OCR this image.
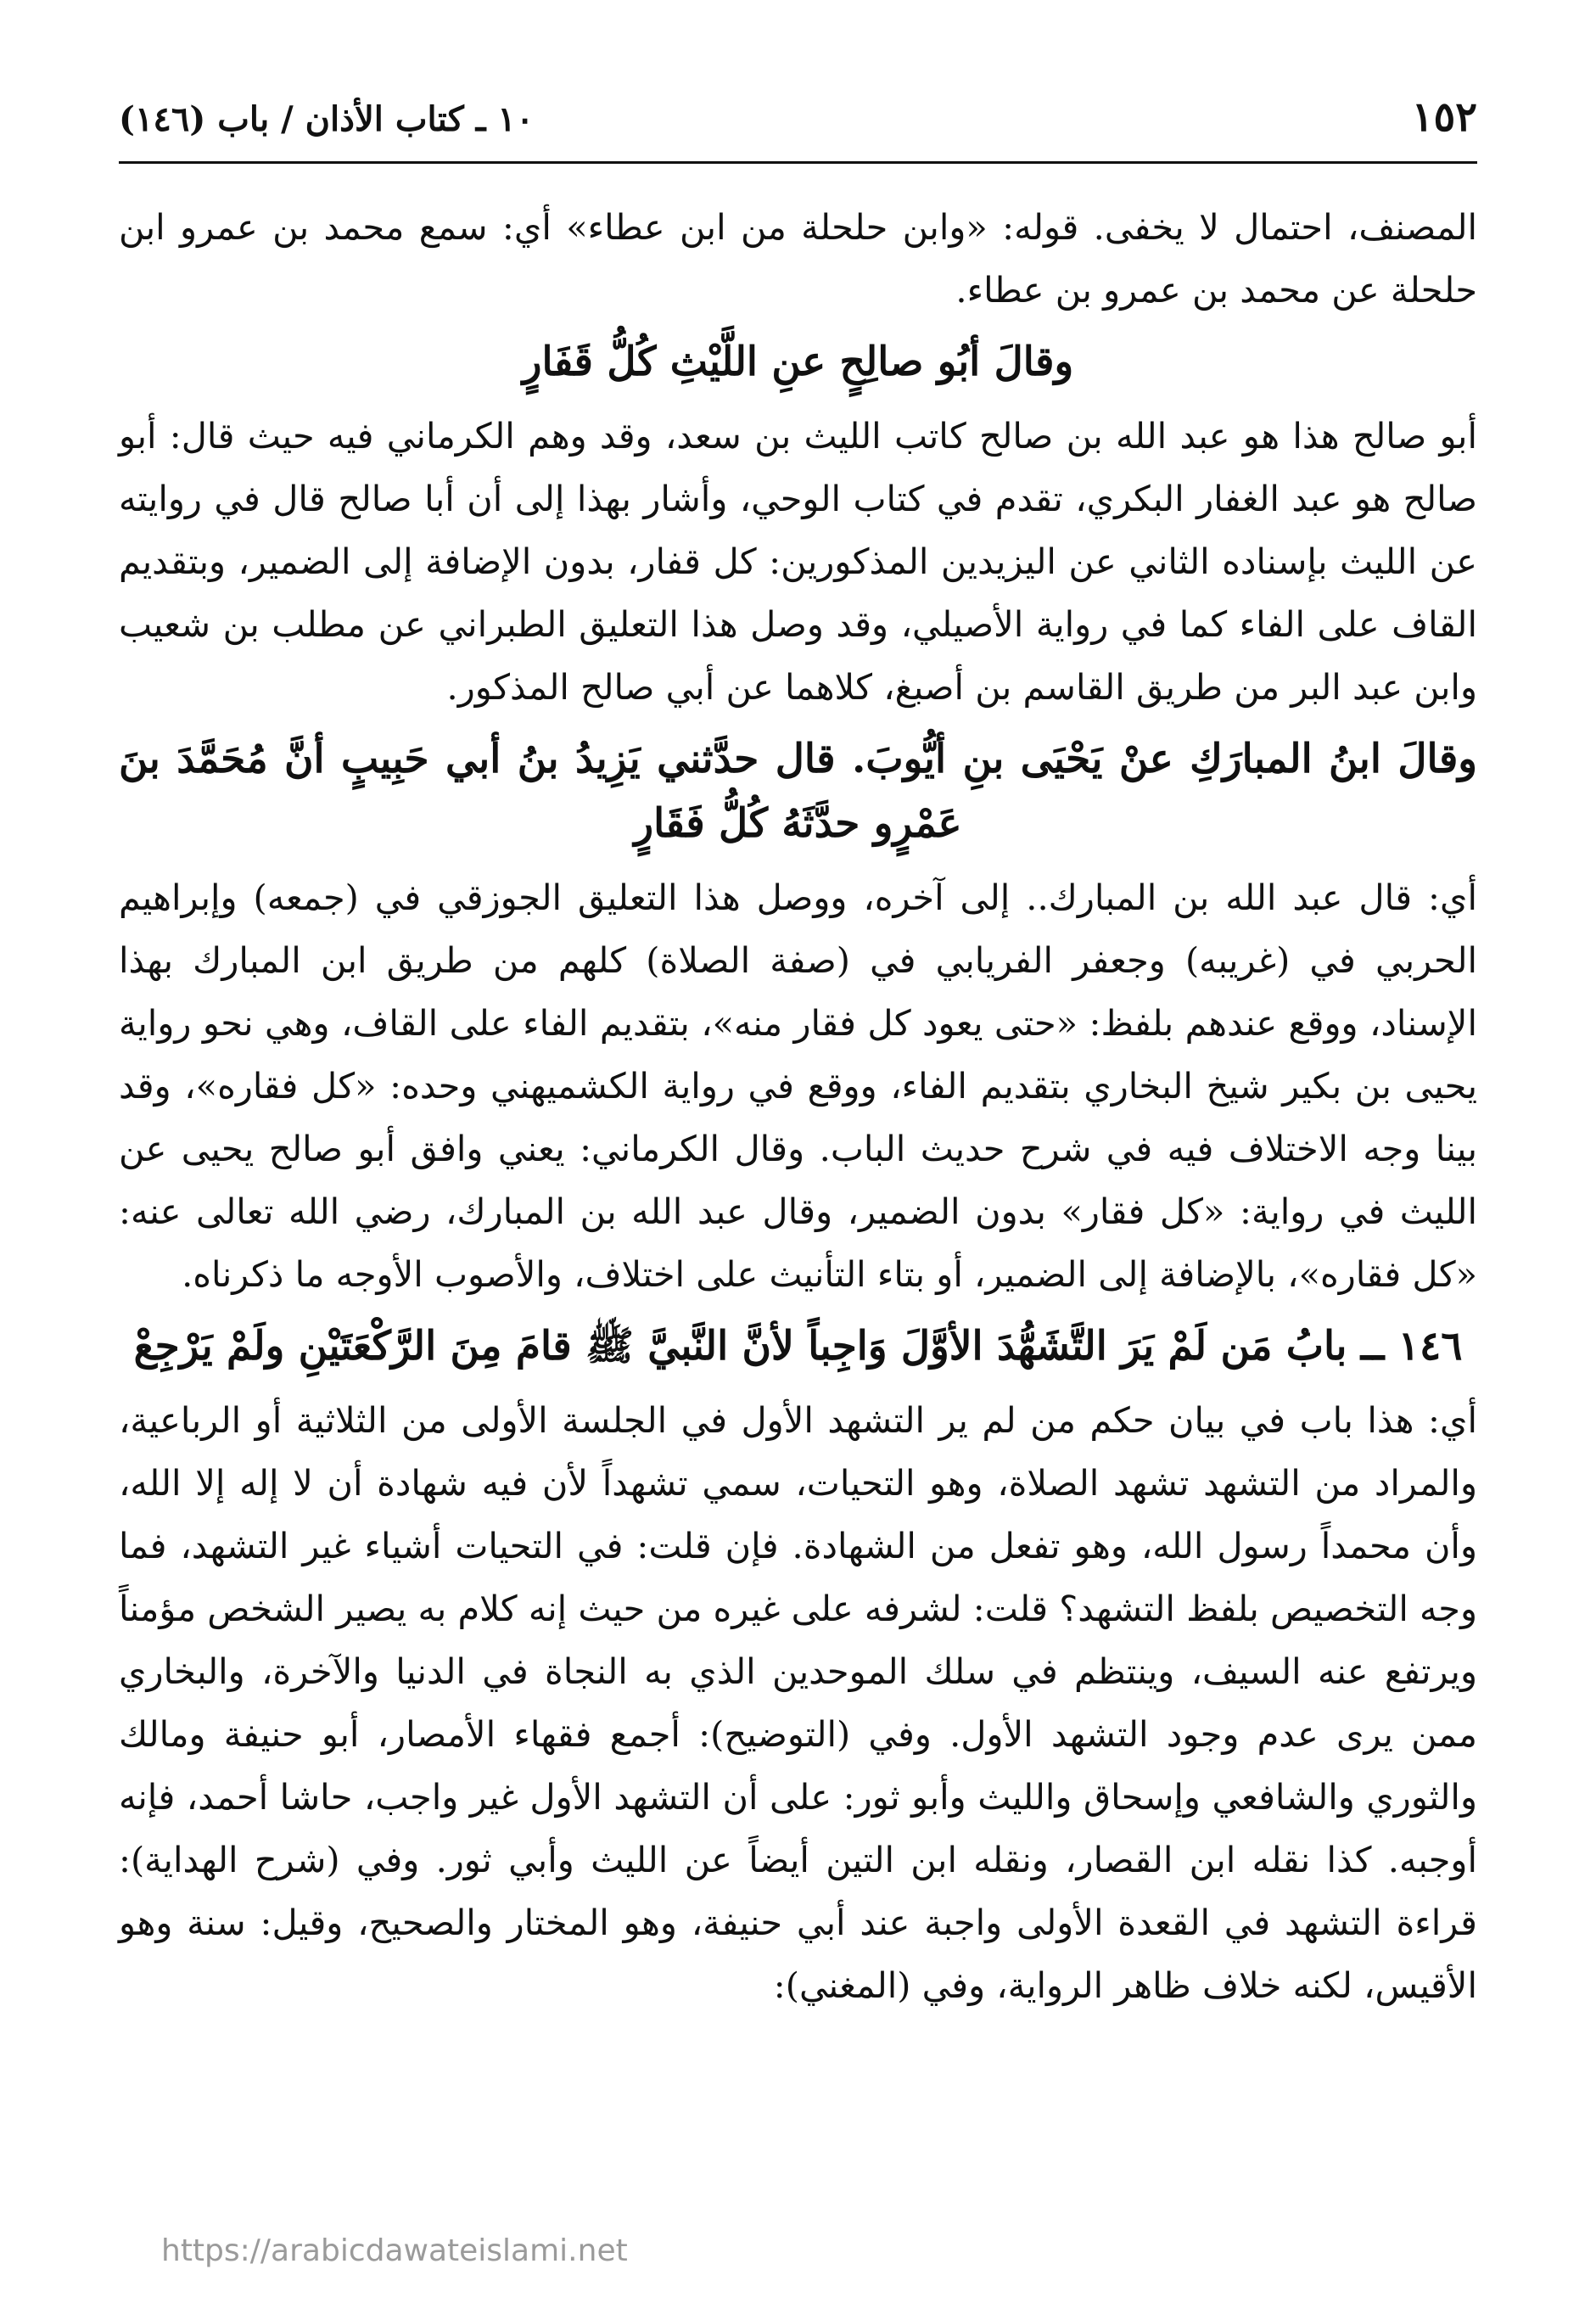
١٥٢
١٠ ـ كتاب الأذان / باب (١٤٦)

المصنف، احتمال لا يخفى. قوله: «وابن حلحلة من ابن عطاء» أي: سمع محمد بن عمرو ابن حلحلة عن محمد بن عمرو بن عطاء.

وقالَ أبُو صالِحٍ عنِ اللَّيْثِ كُلُّ قَفَارٍ

أبو صالح هذا هو عبد الله بن صالح كاتب الليث بن سعد، وقد وهم الكرماني فيه حيث قال: أبو صالح هو عبد الغفار البكري، تقدم في كتاب الوحي، وأشار بهذا إلى أن أبا صالح قال في روايته عن الليث بإسناده الثاني عن اليزيدين المذكورين: كل قفار، بدون الإضافة إلى الضمير، وبتقديم القاف على الفاء كما في رواية الأصيلي، وقد وصل هذا التعليق الطبراني عن مطلب بن شعيب وابن عبد البر من طريق القاسم بن أصبغ، كلاهما عن أبي صالح المذكور.

وقالَ ابنُ المبارَكِ عنْ يَحْيَى بنِ أيُّوبَ. قال حدَّثني يَزِيدُ بنُ أبي حَبِيبٍ أنَّ مُحَمَّدَ بنَ عَمْرٍو حدَّثَهُ كُلُّ فَقَارٍ

أي: قال عبد الله بن المبارك.. إلى آخره، ووصل هذا التعليق الجوزقي في (جمعه) وإبراهيم الحربي في (غريبه) وجعفر الفريابي في (صفة الصلاة) كلهم من طريق ابن المبارك بهذا الإسناد، ووقع عندهم بلفظ: «حتى يعود كل فقار منه»، بتقديم الفاء على القاف، وهي نحو رواية يحيى بن بكير شيخ البخاري بتقديم الفاء، ووقع في رواية الكشميهني وحده: «كل فقاره»، وقد بينا وجه الاختلاف فيه في شرح حديث الباب. وقال الكرماني: يعني وافق أبو صالح يحيى عن الليث في رواية: «كل فقار» بدون الضمير، وقال عبد الله بن المبارك، رضي الله تعالى عنه: «كل فقاره»، بالإضافة إلى الضمير، أو بتاء التأنيث على اختلاف، والأصوب الأوجه ما ذكرناه.

١٤٦ ــ بابُ مَن لَمْ يَرَ التَّشَهُّدَ الأوَّلَ وَاجِباً لأنَّ النَّبيَّ ﷺ قامَ مِنَ الرَّكْعَتَيْنِ ولَمْ يَرْجِعْ

أي: هذا باب في بيان حكم من لم ير التشهد الأول في الجلسة الأولى من الثلاثية أو الرباعية، والمراد من التشهد تشهد الصلاة، وهو التحيات، سمي تشهداً لأن فيه شهادة أن لا إله إلا الله، وأن محمداً رسول الله، وهو تفعل من الشهادة. فإن قلت: في التحيات أشياء غير التشهد، فما وجه التخصيص بلفظ التشهد؟ قلت: لشرفه على غيره من حيث إنه كلام به يصير الشخص مؤمناً ويرتفع عنه السيف، وينتظم في سلك الموحدين الذي به النجاة في الدنيا والآخرة، والبخاري ممن يرى عدم وجود التشهد الأول. وفي (التوضيح): أجمع فقهاء الأمصار، أبو حنيفة ومالك والثوري والشافعي وإسحاق والليث وأبو ثور: على أن التشهد الأول غير واجب، حاشا أحمد، فإنه أوجبه. كذا نقله ابن القصار، ونقله ابن التين أيضاً عن الليث وأبي ثور. وفي (شرح الهداية): قراءة التشهد في القعدة الأولى واجبة عند أبي حنيفة، وهو المختار والصحيح، وقيل: سنة وهو الأقيس، لكنه خلاف ظاهر الرواية، وفي (المغني):

https://arabicdawateislami.net
